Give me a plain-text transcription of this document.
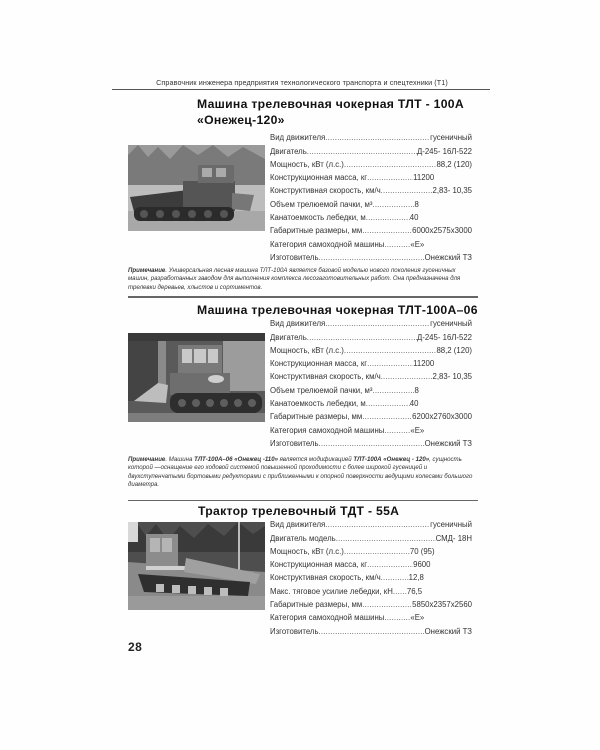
Справочник инженера предприятия технологического транспорта и спецтехники (Т1)
Машина трелевочная чокерная ТЛТ - 100А
«Онежец-120»
Вид движителя .....	гусеничный
Двигатель .....	Д-245- 16Л-522
Мощность, кВт (л.с.) .....	88,2 (120)
Конструкционная масса, кг .....	11200
Конструктивная скорость, км/ч .....	2,83- 10,35
Объем трелюемой пачки, м³ .....	8
Канатоемкость лебедки, м .....	40
Габаритные размеры, мм .....	6000х2575х3000
Категория самоходной машины .....	«Е»
Изготовитель .....	Онежский ТЗ
Примечание. Универсальная лесная машина ТЛТ-100А является базовой моделью нового поколения гусеничных машин, разработанных заводом для выполнения комплекса лесозаготовительных работ. Она предназначена для трелевки деревьев, хлыстов и сортиментов.
Машина трелевочная чокерная ТЛТ-100А–06
Вид движителя .....	гусеничный
Двигатель .....	Д-245- 16Л-522
Мощность, кВт (л.с.) .....	88,2 (120)
Конструкционная масса, кг .....	11200
Конструктивная скорость, км/ч .....	2,83- 10,35
Объем трелюемой пачки, м³ .....	8
Канатоемкость лебедки, м .....	40
Габаритные размеры, мм .....	6200х2760х3000
Категория самоходной машины .....	«Е»
Изготовитель .....	Онежский ТЗ
Примечание. Машина ТЛТ-100А–06 «Онежец -110» является модификацией ТЛТ-100А «Онежец - 120», сущность которой —оснащение его ходовой системой повышенной проходимости с более широкой гусеницей и двухступенчатыми бортовыми редукторами с приближенными к опорной поверхности ведущими колесами большого диаметра.
Трактор трелевочный ТДТ - 55А
Вид движителя .....	гусеничный
Двигатель модель .....	СМД- 18Н
Мощность, кВт (л.с.) .....	70 (95)
Конструкционная масса, кг .....	9600
Конструктивная скорость, км/ч .....	12,8
Макс. тяговое усилие лебедки, кН ..... 76,5
Габаритные размеры, мм .....	5850х2357х2560
Категория самоходной машины .....	«Е»
Изготовитель .....	Онежский ТЗ
28
